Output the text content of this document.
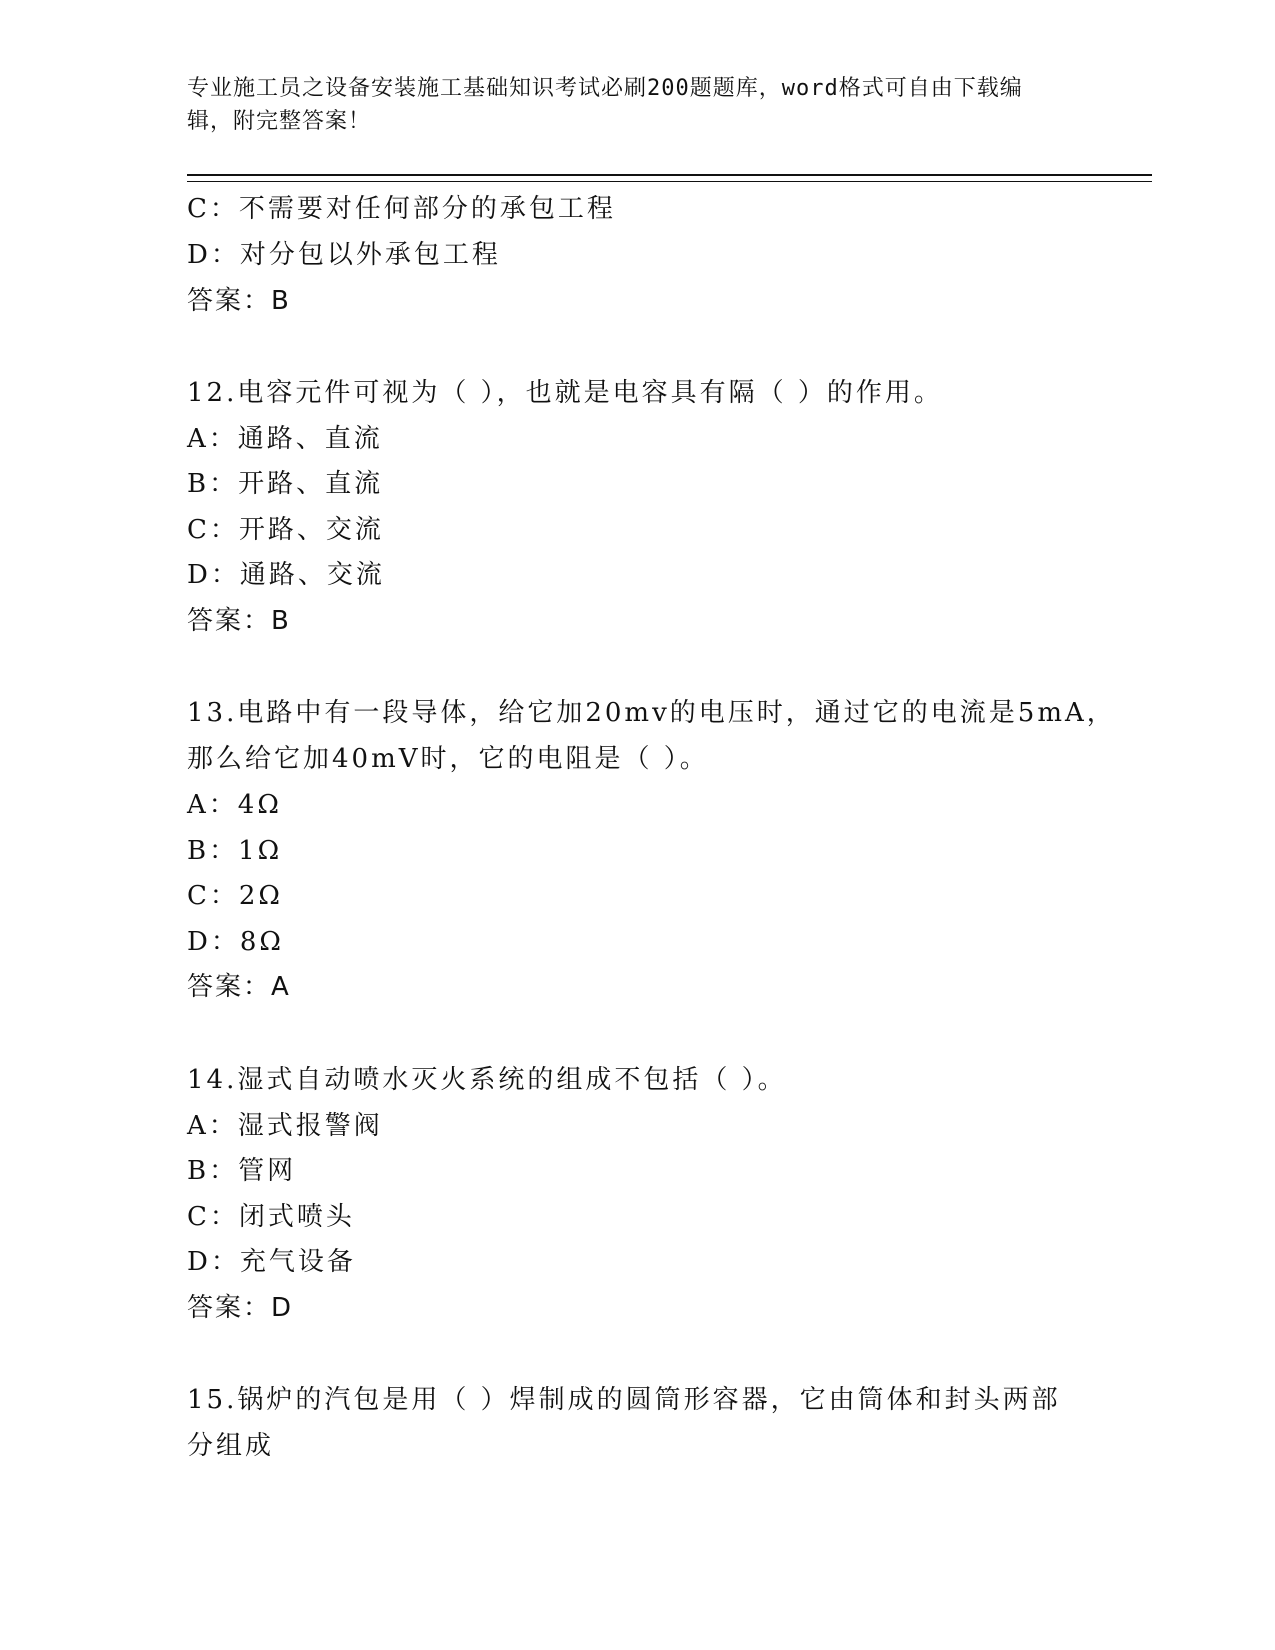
专业施工员之设备安装施工基础知识考试必刷200题题库，word格式可自由下载编辑，附完整答案！
C：不需要对任何部分的承包工程
D：对分包以外承包工程
答案：B
12.电容元件可视为（ ），也就是电容具有隔（ ）的作用。
A：通路、直流
B：开路、直流
C：开路、交流
D：通路、交流
答案：B
13.电路中有一段导体，给它加20mv的电压时，通过它的电流是5mA，
那么给它加40mV时，它的电阻是（ ）。
A：4Ω
B：1Ω
C：2Ω
D：8Ω
答案：A
14.湿式自动喷水灭火系统的组成不包括（ ）。
A：湿式报警阀
B：管网
C：闭式喷头
D：充气设备
答案：D
15.锅炉的汽包是用（ ）焊制成的圆筒形容器，它由筒体和封头两部
分组成
